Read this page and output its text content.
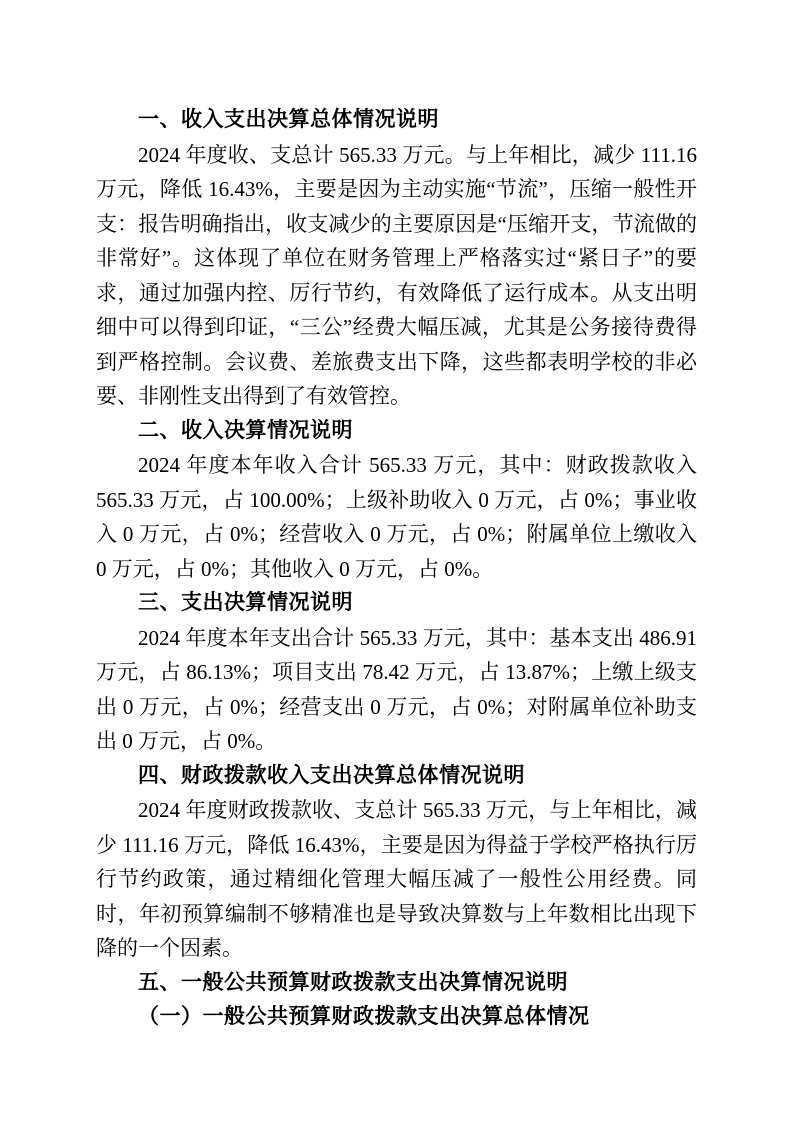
一、收入支出决算总体情况说明

2024 年度收、支总计 565.33 万元。与上年相比，减少 111.16 万元，降低 16.43%，主要是因为主动实施“节流”，压缩一般性开支：报告明确指出，收支减少的主要原因是“压缩开支，节流做的非常好”。这体现了单位在财务管理上严格落实过“紧日子”的要求，通过加强内控、厉行节约，有效降低了运行成本。从支出明细中可以得到印证，“三公”经费大幅压减，尤其是公务接待费得到严格控制。会议费、差旅费支出下降，这些都表明学校的非必要、非刚性支出得到了有效管控。

二、收入决算情况说明

2024 年度本年收入合计 565.33 万元，其中：财政拨款收入 565.33 万元，占 100.00%；上级补助收入 0 万元，占 0%；事业收入 0 万元，占 0%；经营收入 0 万元，占 0%；附属单位上缴收入 0 万元，占 0%；其他收入 0 万元，占 0%。

三、支出决算情况说明

2024 年度本年支出合计 565.33 万元，其中：基本支出 486.91 万元，占 86.13%；项目支出 78.42 万元，占 13.87%；上缴上级支出 0 万元，占 0%；经营支出 0 万元，占 0%；对附属单位补助支出 0 万元，占 0%。

四、财政拨款收入支出决算总体情况说明

2024 年度财政拨款收、支总计 565.33 万元，与上年相比，减少 111.16 万元，降低 16.43%，主要是因为得益于学校严格执行厉行节约政策，通过精细化管理大幅压减了一般性公用经费。同时，年初预算编制不够精准也是导致决算数与上年数相比出现下降的一个因素。

五、一般公共预算财政拨款支出决算情况说明
（一）一般公共预算财政拨款支出决算总体情况
